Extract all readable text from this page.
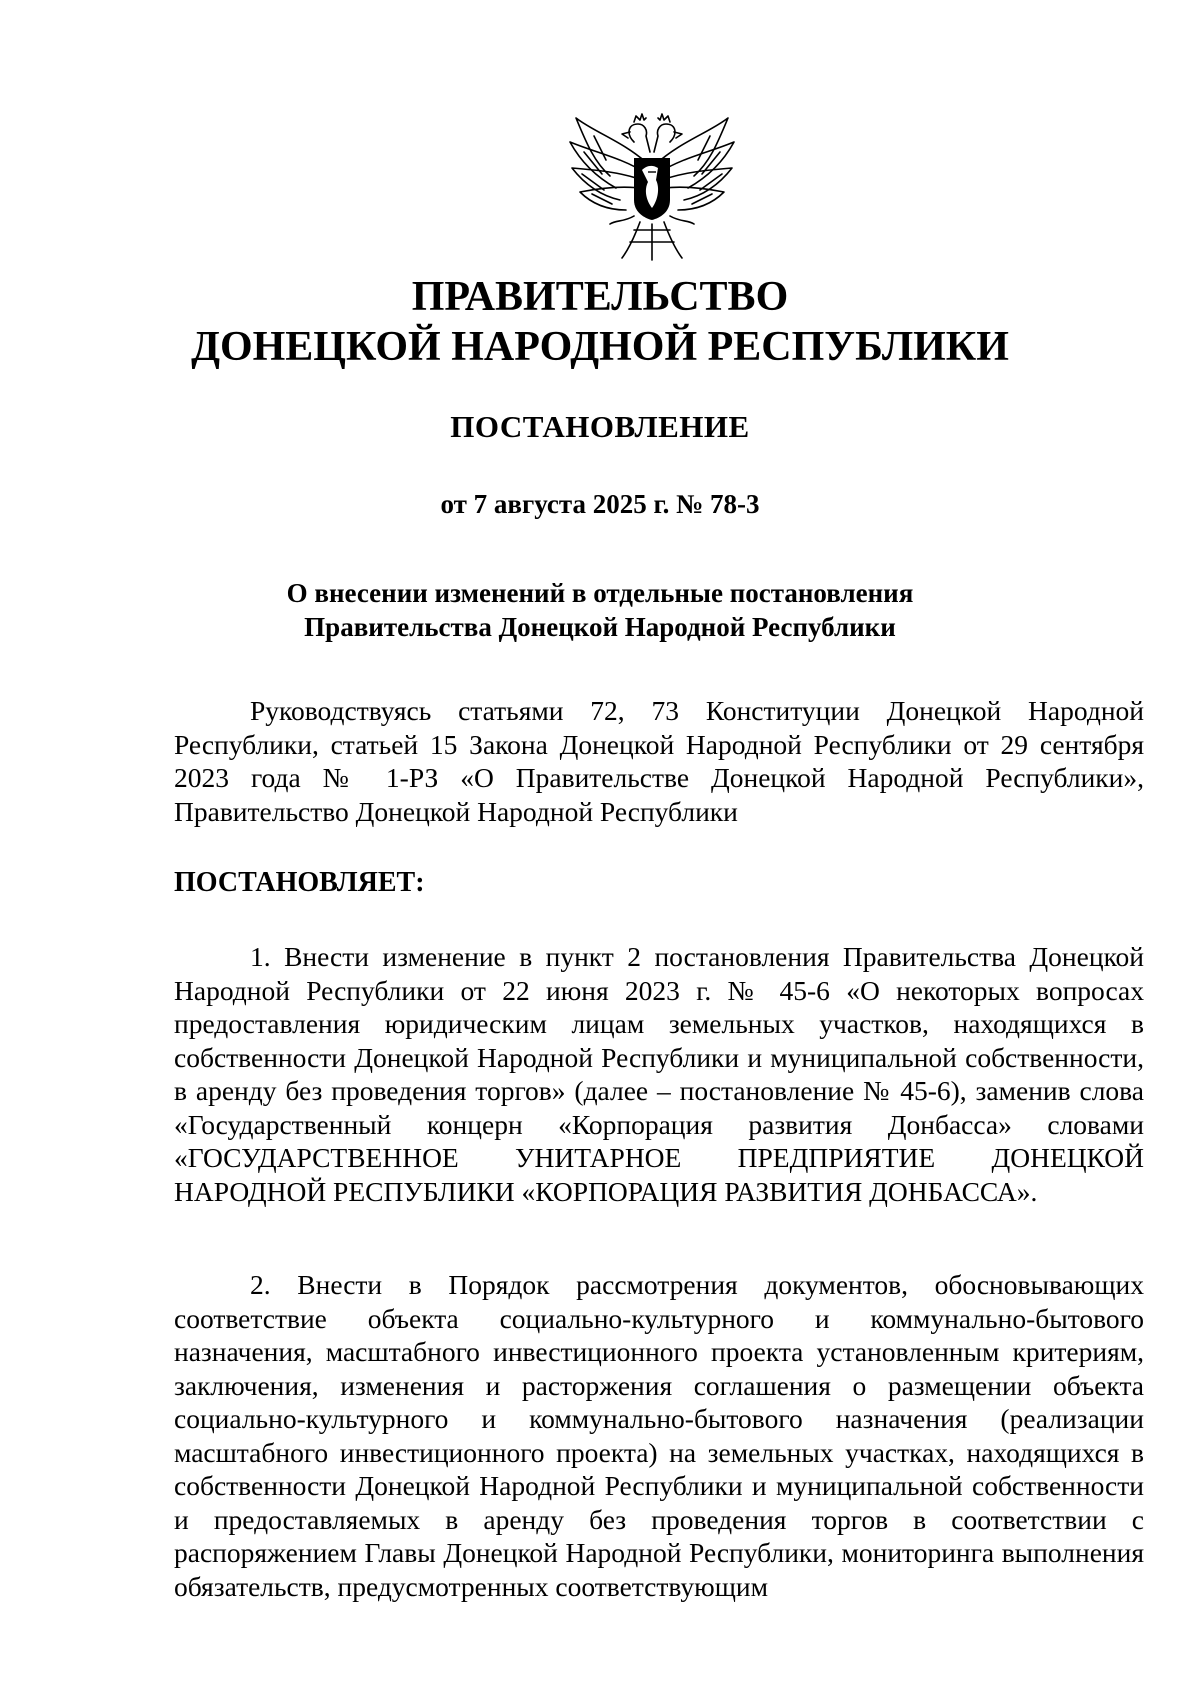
ПРАВИТЕЛЬСТВО
ДОНЕЦКОЙ НАРОДНОЙ РЕСПУБЛИКИ
ПОСТАНОВЛЕНИЕ
от 7 августа 2025 г. № 78-3
О внесении изменений в отдельные постановления
Правительства Донецкой Народной Республики
Руководствуясь статьями 72, 73 Конституции Донецкой Народной Республики, статьей 15 Закона Донецкой Народной Республики от 29 сентября 2023 года № 1-РЗ «О Правительстве Донецкой Народной Республики», Правительство Донецкой Народной Республики
ПОСТАНОВЛЯЕТ:
1. Внести изменение в пункт 2 постановления Правительства Донецкой Народной Республики от 22 июня 2023 г. № 45-6 «О некоторых вопросах предоставления юридическим лицам земельных участков, находящихся в собственности Донецкой Народной Республики и муниципальной собственности, в аренду без проведения торгов» (далее – постановление № 45-6), заменив слова «Государственный концерн «Корпорация развития Донбасса» словами «ГОСУДАРСТВЕННОЕ УНИТАРНОЕ ПРЕДПРИЯТИЕ ДОНЕЦКОЙ НАРОДНОЙ РЕСПУБЛИКИ «КОРПОРАЦИЯ РАЗВИТИЯ ДОНБАССА».
2. Внести в Порядок рассмотрения документов, обосновывающих соответствие объекта социально-культурного и коммунально-бытового назначения, масштабного инвестиционного проекта установленным критериям, заключения, изменения и расторжения соглашения о размещении объекта социально-культурного и коммунально-бытового назначения (реализации масштабного инвестиционного проекта) на земельных участках, находящихся в собственности Донецкой Народной Республики и муниципальной собственности и предоставляемых в аренду без проведения торгов в соответствии с распоряжением Главы Донецкой Народной Республики, мониторинга выполнения обязательств, предусмотренных соответствующим
